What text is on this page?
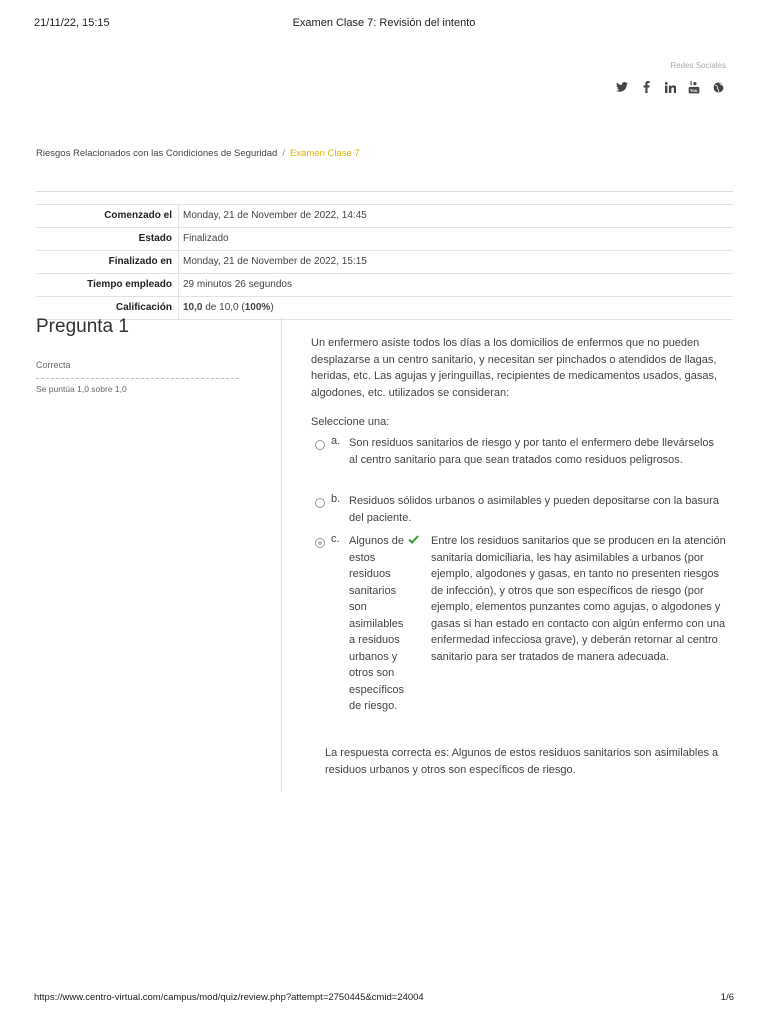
21/11/22, 15:15	Examen Clase 7: Revisión del intento
Redes Sociales
You
Riesgos Relacionados con las Condiciones de Seguridad / Examen Clase 7
Comenzado el	Monday, 21 de November de 2022, 14:45
Estado	Finalizado
Finalizado en	Monday, 21 de November de 2022, 15:15
Tiempo empleado	29 minutos 26 segundos
Calificación	10,0 de 10,0 (100%)
Pregunta 1
Correcta
Se puntúa 1,0 sobre 1,0
Un enfermero asiste todos los días a los domicilios de enfermos que no pueden desplazarse a un centro sanitario, y necesitan ser pinchados o atendidos de llagas, heridas, etc. Las agujas y jeringuillas, recipientes de medicamentos usados, gasas, algodones, etc. utilizados se consideran:
Seleccione una:
a. Son residuos sanitarios de riesgo y por tanto el enfermero debe llevárselos al centro sanitario para que sean tratados como residuos peligrosos.
b. Residuos sólidos urbanos o asimilables y pueden depositarse con la basura del paciente.
c. Algunos de estos residuos sanitarios son asimilables a residuos urbanos y otros son específicos de riesgo.
Entre los residuos sanitarios que se producen en la atención sanitaria domiciliaria, les hay asimilables a urbanos (por ejemplo, algodones y gasas, en tanto no presenten riesgos de infección), y otros que son específicos de riesgo (por ejemplo, elementos punzantes como agujas, o algodones y gasas si han estado en contacto con algún enfermo con una enfermedad infecciosa grave), y deberán retornar al centro sanitario para ser tratados de manera adecuada.
La respuesta correcta es: Algunos de estos residuos sanitarios son asimilables a residuos urbanos y otros son específicos de riesgo.
https://www.centro-virtual.com/campus/mod/quiz/review.php?attempt=2750445&cmid=24004	1/6
